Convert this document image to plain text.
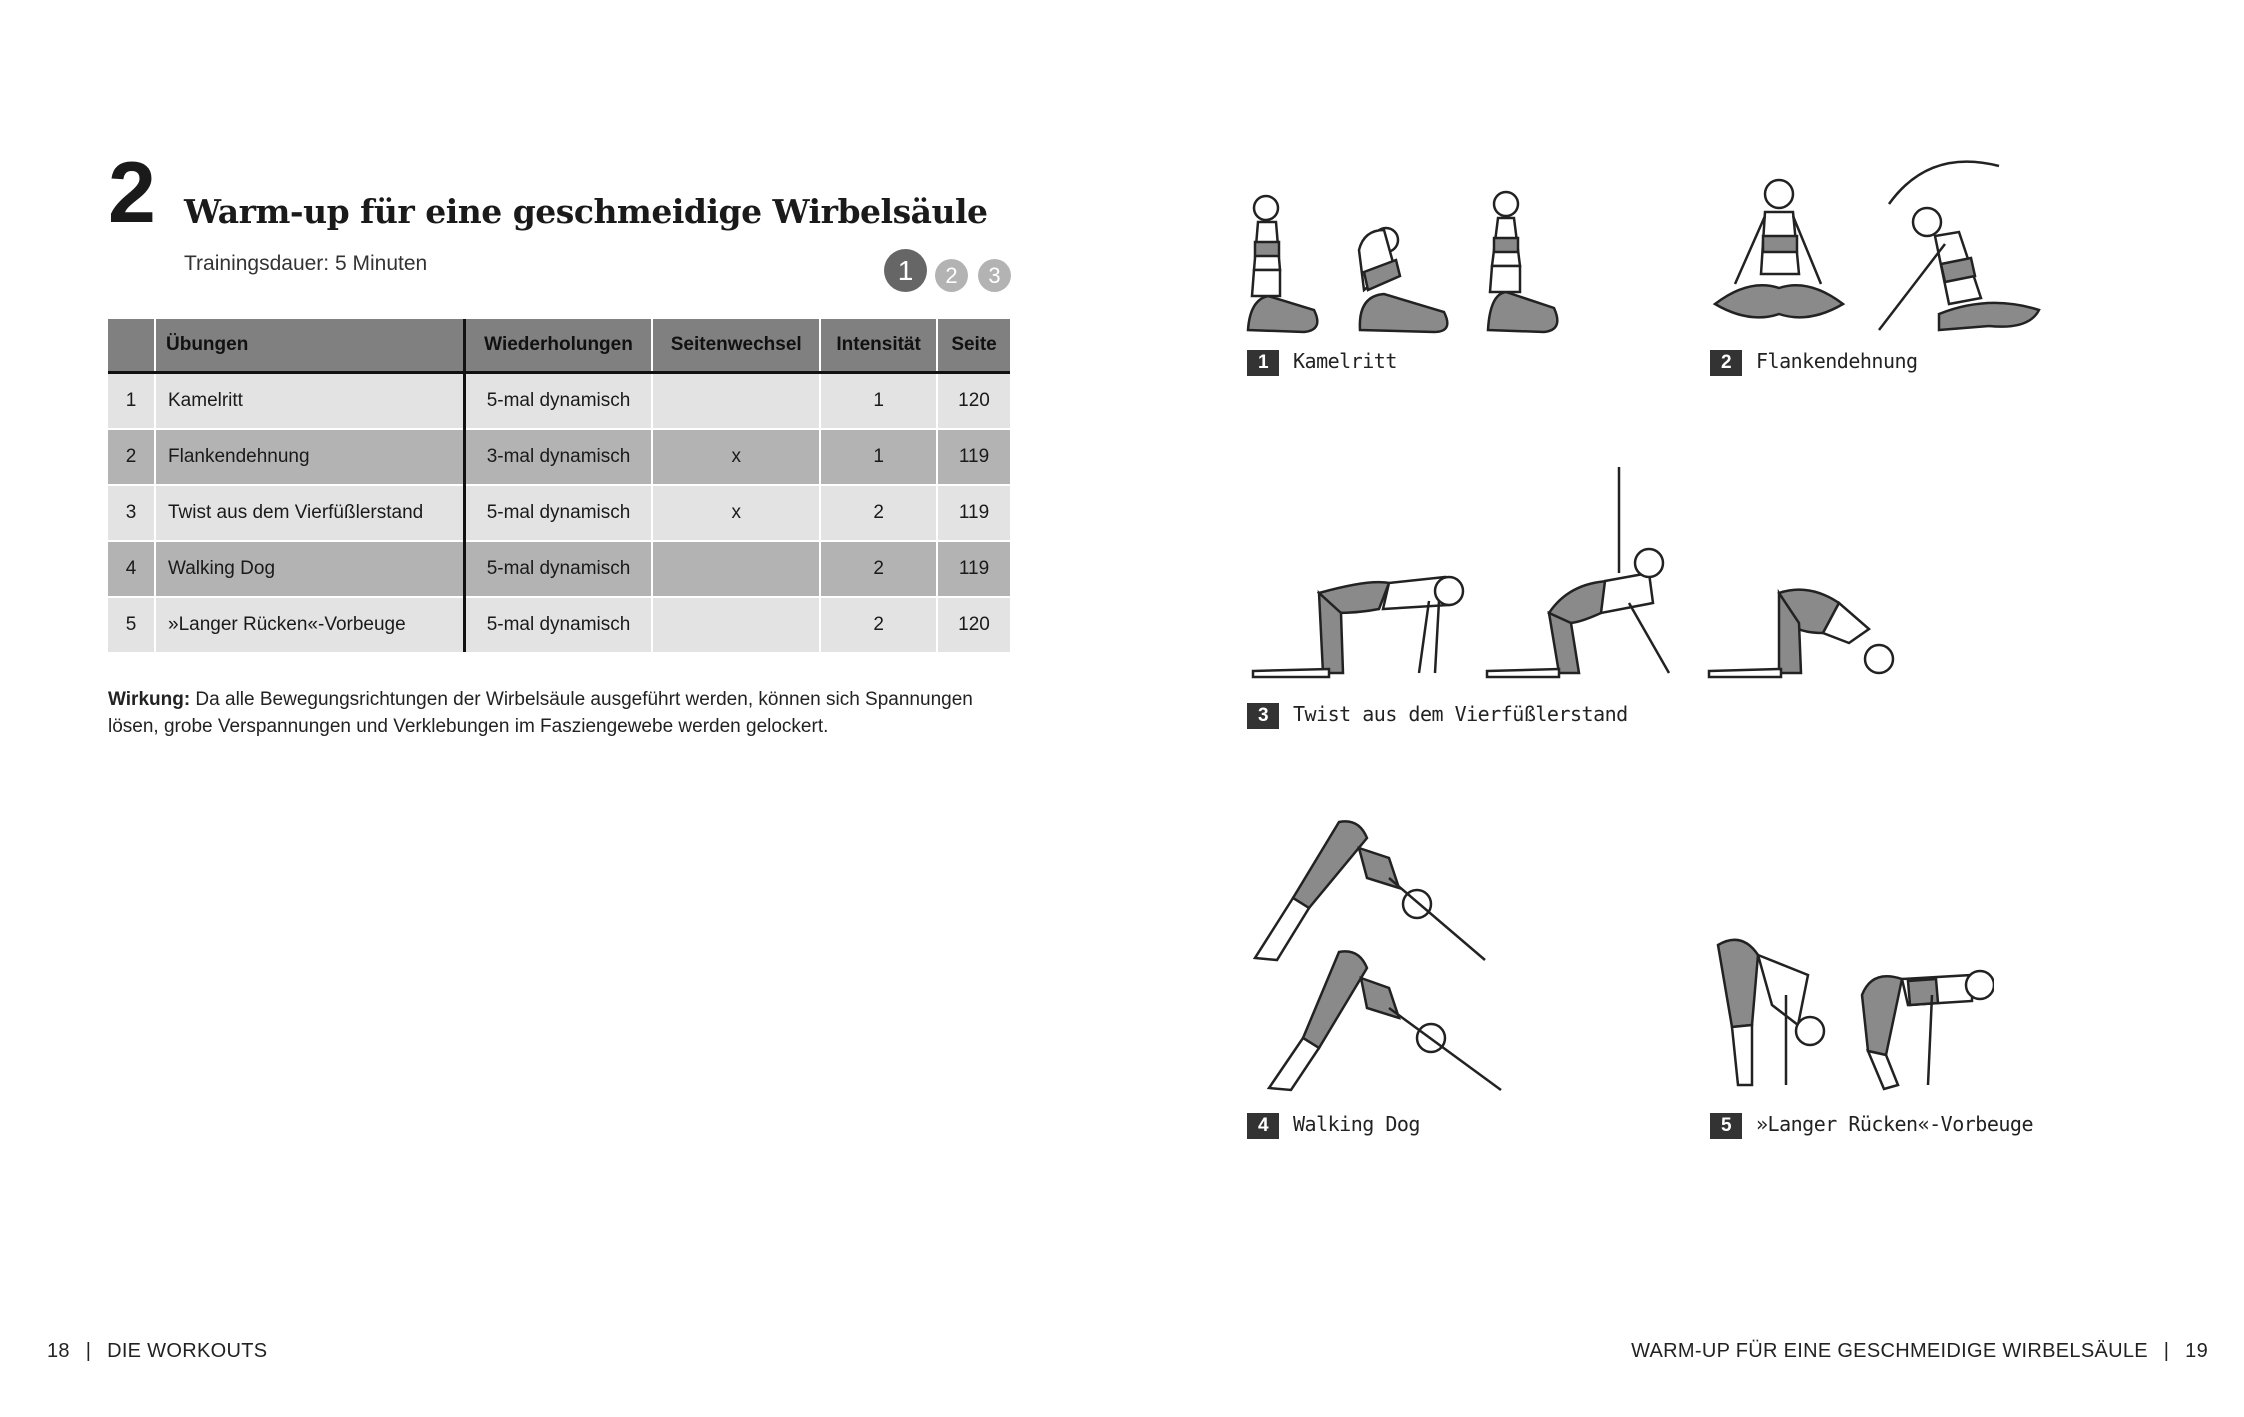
2 Warm-up für eine geschmeidige Wirbelsäule
Trainingsdauer: 5 Minuten	1	2	3
	Übungen	Wiederholungen	Seitenwechsel	Intensität	Seite
1	Kamelritt	5-mal dynamisch		1	120
2	Flankendehnung	3-mal dynamisch	x	1	119
3	Twist aus dem Vierfüßlerstand	5-mal dynamisch	x	2	119
4	Walking Dog	5-mal dynamisch		2	119
5	»Langer Rücken«-Vorbeuge	5-mal dynamisch		2	120
Wirkung: Da alle Bewegungsrichtungen der Wirbelsäule ausgeführt werden, können sich Spannungen lösen, grobe Verspannungen und Verklebungen im Fasziengewebe werden gelockert.
1 Kamelritt	2 Flankendehnung
3 Twist aus dem Vierfüßlerstand
4 Walking Dog	5 »Langer Rücken«-Vorbeuge
18 | DIE WORKOUTS	WARM-UP FÜR EINE GESCHMEIDIGE WIRBELSÄULE | 19
